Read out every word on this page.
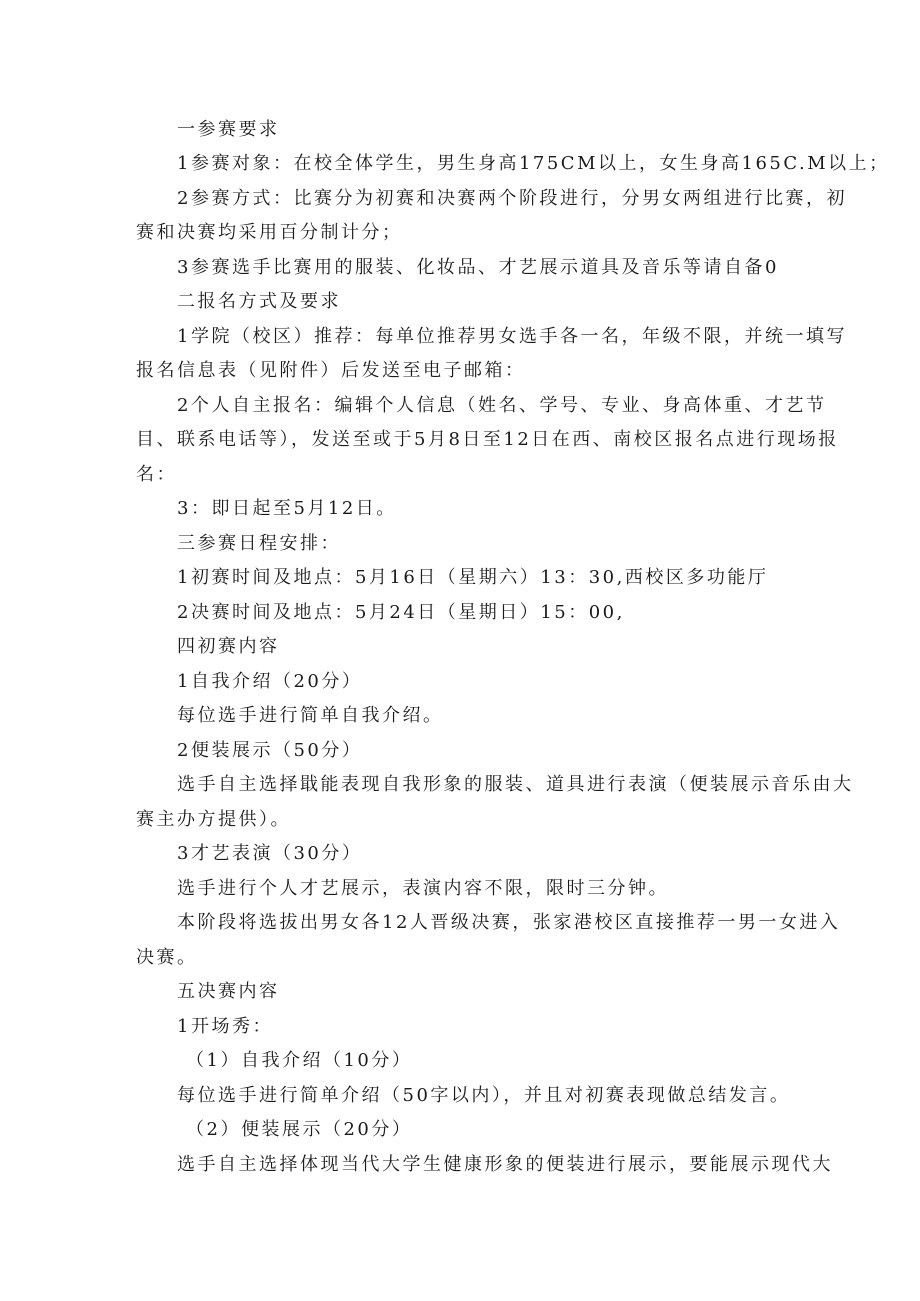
一参赛要求

1参赛对象：在校全体学生，男生身高175CM以上，女生身高165C.M以上；

2参赛方式：比赛分为初赛和决赛两个阶段进行，分男女两组进行比赛，初

赛和决赛均采用百分制计分；

3参赛选手比赛用的服装、化妆品、才艺展示道具及音乐等请自备0

二报名方式及要求

1学院（校区）推荐：每单位推荐男女选手各一名，年级不限，并统一填写

报名信息表（见附件）后发送至电子邮箱：

2个人自主报名：编辑个人信息（姓名、学号、专业、身高体重、才艺节

目、联系电话等），发送至或于5月8日至12日在西、南校区报名点进行现场报

名：

3：即日起至5月12日。

三参赛日程安排：

1初赛时间及地点：5月16日（星期六）13：30,西校区多功能厅

2决赛时间及地点：5月24日（星期日）15：00,

四初赛内容

1自我介绍（20分）

每位选手进行简单自我介绍。

2便装展示（50分）

选手自主选择戢能表现自我形象的服装、道具进行表演（便装展示音乐由大

赛主办方提供）。

3才艺表演（30分）

选手进行个人才艺展示，表演内容不限，限时三分钟。

本阶段将选拔出男女各12人晋级决赛，张家港校区直接推荐一男一女进入

决赛。

五决赛内容

1开场秀：

（1）自我介绍（10分）

每位选手进行简单介绍（50字以内），并且对初赛表现做总结发言。

（2）便装展示（20分）

选手自主选择体现当代大学生健康形象的便装进行展示，要能展示现代大
